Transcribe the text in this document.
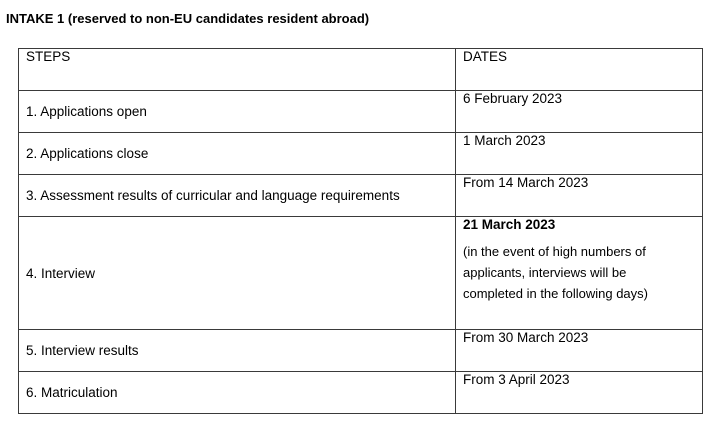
INTAKE 1 (reserved to non-EU candidates resident abroad)
STEPS	DATES
1. Applications open	6 February 2023
2. Applications close	1 March 2023
3. Assessment results of curricular and language requirements	From 14 March 2023
4. Interview	21 March 2023
(in the event of high numbers of applicants, interviews will be completed in the following days)

5. Interview results	From 30 March 2023
6. Matriculation	From 3 April 2023
